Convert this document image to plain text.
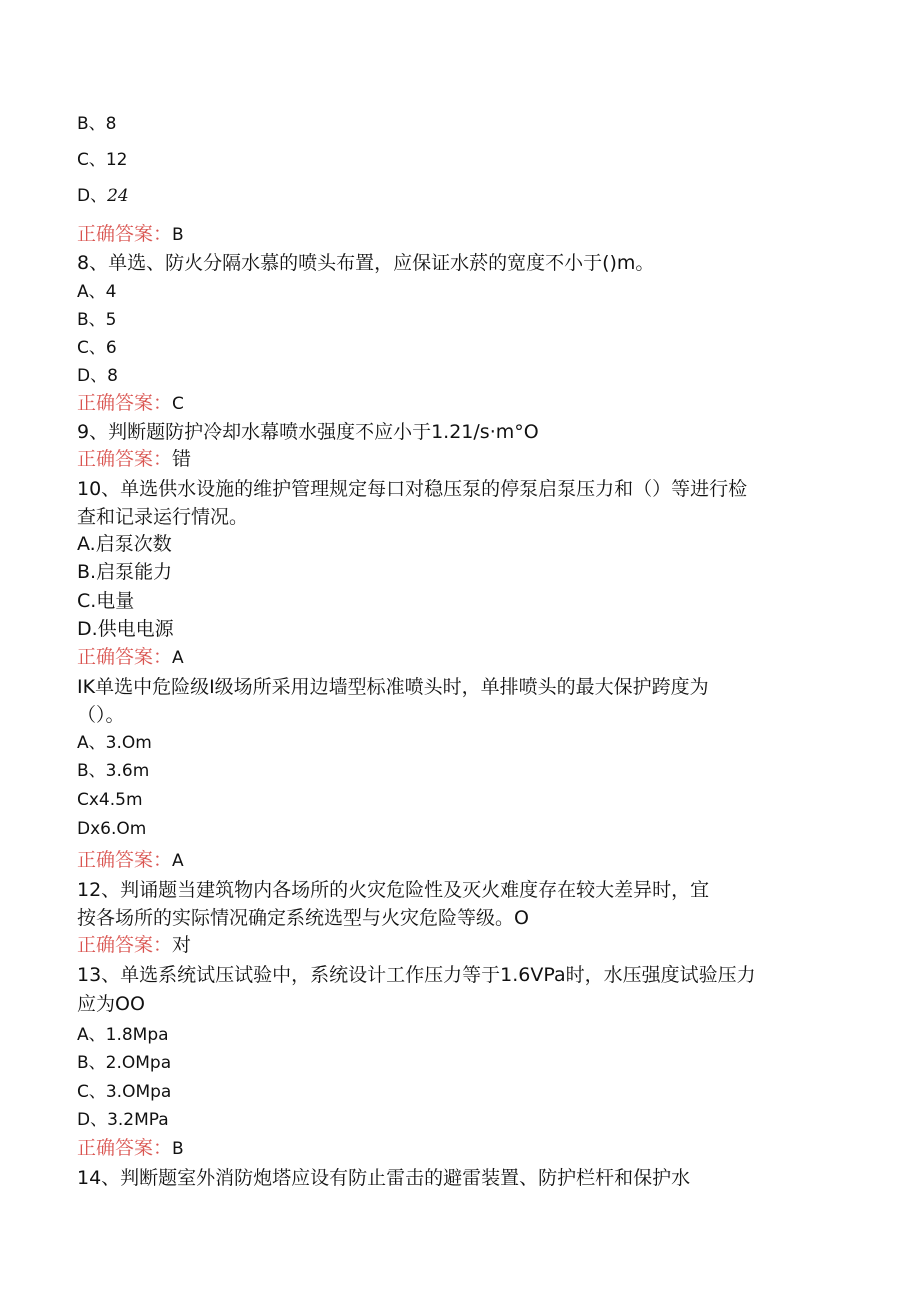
B、8
C、12
D、24
正确答案：B
8、单选、防火分隔水慕的喷头布置，应保证水菸的宽度不小于()m。
A、4
B、5
C、6
D、8
正确答案：C
9、判断题防护冷却水幕喷水强度不应小于1.21∕s·m°O
正确答案：错
10、单选供水设施的维护管理规定每口对稳压泵的停泵启泵压力和（）等进行检
查和记录运行情况。
A.启泵次数
B.启泵能力
C.电量
D.供电电源
正确答案：A
IK单选中危险级I级场所采用边墙型标准喷头时，单排喷头的最大保护跨度为
（）。
A、3.Om
B、3.6m
Cx4.5m
Dx6.Om
正确答案：A
12、判诵题当建筑物内各场所的火灾危险性及灭火难度存在较大差异时，宜
按各场所的实际情况确定系统选型与火灾危险等级。O
正确答案：对
13、单选系统试压试验中，系统设计工作压力等于1.6VPa时，水压强度试验压力
应为OO
A、1.8Mpa
B、2.OMpa
C、3.OMpa
D、3.2MPa
正确答案：B
14、判断题室外消防炮塔应设有防止雷击的避雷装置、防护栏杆和保护水
